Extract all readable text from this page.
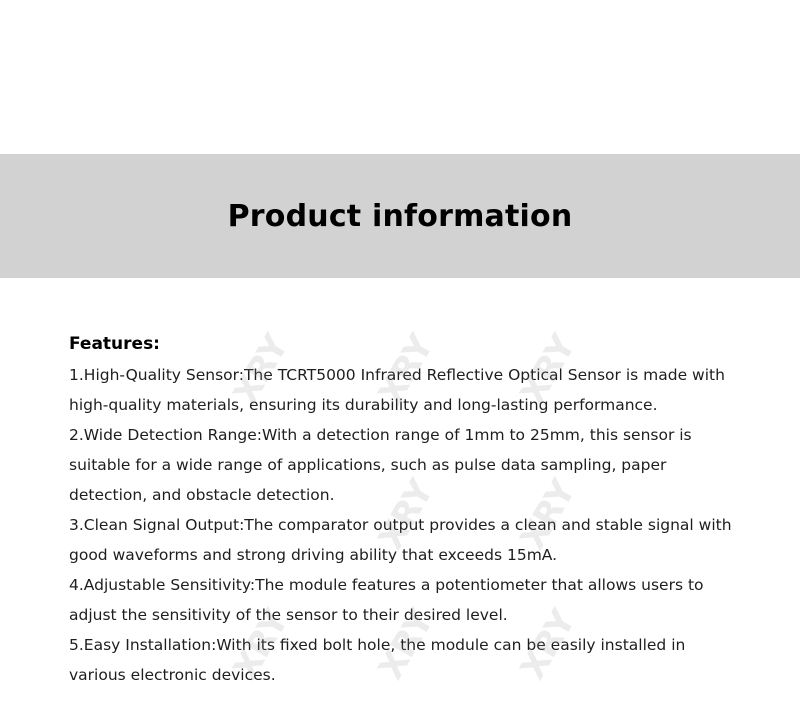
Product information
Features:
1.High-Quality Sensor:The TCRT5000 Infrared Reflective Optical Sensor is made with high-quality materials, ensuring its durability and long-lasting performance.
2.Wide Detection Range:With a detection range of 1mm to 25mm, this sensor is suitable for a wide range of applications, such as pulse data sampling, paper detection, and obstacle detection.
3.Clean Signal Output:The comparator output provides a clean and stable signal with good waveforms and strong driving ability that exceeds 15mA.
4.Adjustable Sensitivity:The module features a potentiometer that allows users to adjust the sensitivity of the sensor to their desired level.
5.Easy Installation:With its fixed bolt hole, the module can be easily installed in various electronic devices.
XRY XRY XRY
XRY XRY
XRY XRY XRY
